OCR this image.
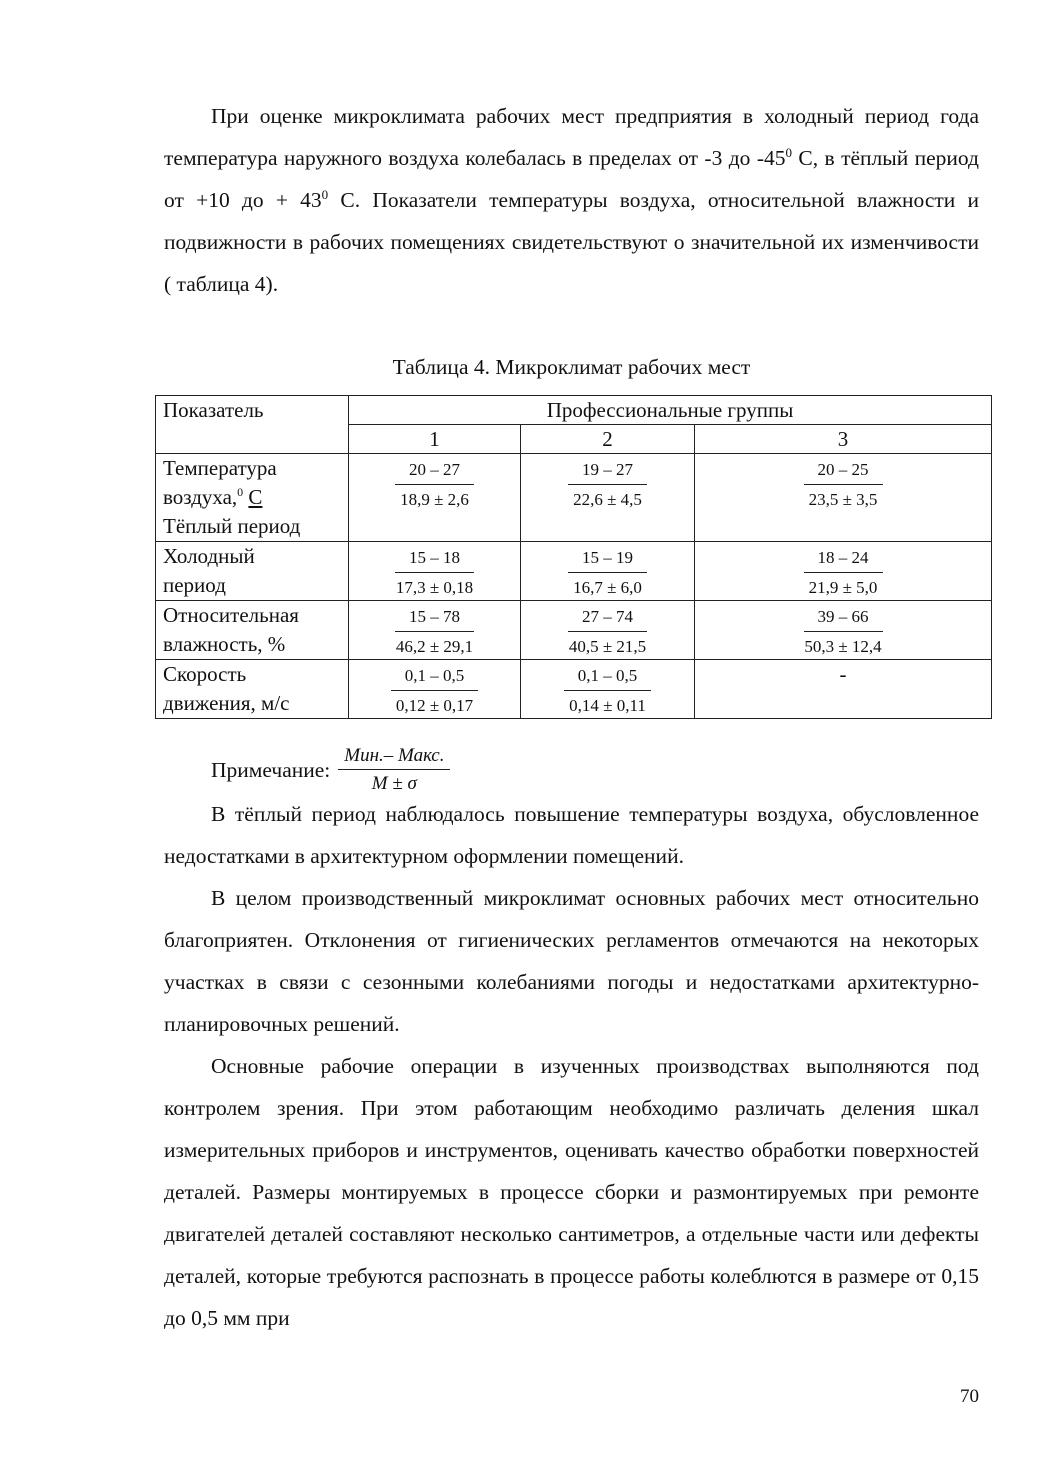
При оценке микроклимата рабочих мест предприятия в холодный период года температура наружного воздуха колебалась в пределах от -3 до $-45^0$ С, в тёплый период от +10 до + $43^0$ С. Показатели температуры воздуха, относительной влажности и подвижности в рабочих помещениях свидетельствуют о значительной их изменчивости ( таблица 4).

Таблица 4. Микроклимат рабочих мест
Показатель	Профессиональные группы		
	1	2	3
Температура
воздуха,$^0$ С
Тёплый период	$\frac{20 - 27}{18,9 \pm 2,6}$	$\frac{19 - 27}{22,6 \pm 4,5}$	$\frac{20 - 25}{23,5 \pm 3,5}$

Холодный
период	$\frac{15 - 18}{17,3 \pm 0,18}$	$\frac{15 - 19}{16,7 \pm 6,0}$	$\frac{18 - 24}{21,9 \pm 5,0}$

Относительная
влажность, %	$\frac{15 - 78}{46,2 \pm 29,1}$	$\frac{27 - 74}{40,5 \pm 21,5}$	$\frac{39 - 66}{50,3 \pm 12,4}$

Скорость
движения, м/с	$\frac{0,1 - 0,5}{0,12 \pm 0,17}$	$\frac{0,1 - 0,5}{0,14 \pm 0,11}$	-
Примечание: $\frac{\text{Мин.– Макс.}}{М \pm \sigma}$

В тёплый период наблюдалось повышение температуры воздуха, обусловленное недостатками в архитектурном оформлении помещений.

В целом производственный микроклимат основных рабочих мест относительно благоприятен. Отклонения от гигиенических регламентов отмечаются на некоторых участках в связи с сезонными колебаниями погоды и недостатками архитектурно- планировочных решений.

Основные рабочие операции в изученных производствах выполняются под контролем зрения. При этом работающим необходимо различать деления шкал измерительных приборов и инструментов, оценивать качество обработки поверхностей деталей. Размеры монтируемых в процессе сборки и размонтируемых при ремонте двигателей деталей составляют несколько сантиметров, а отдельные части или дефекты деталей, которые требуются распознать в процессе работы колеблются в размере от 0,15 до 0,5 мм при

70
